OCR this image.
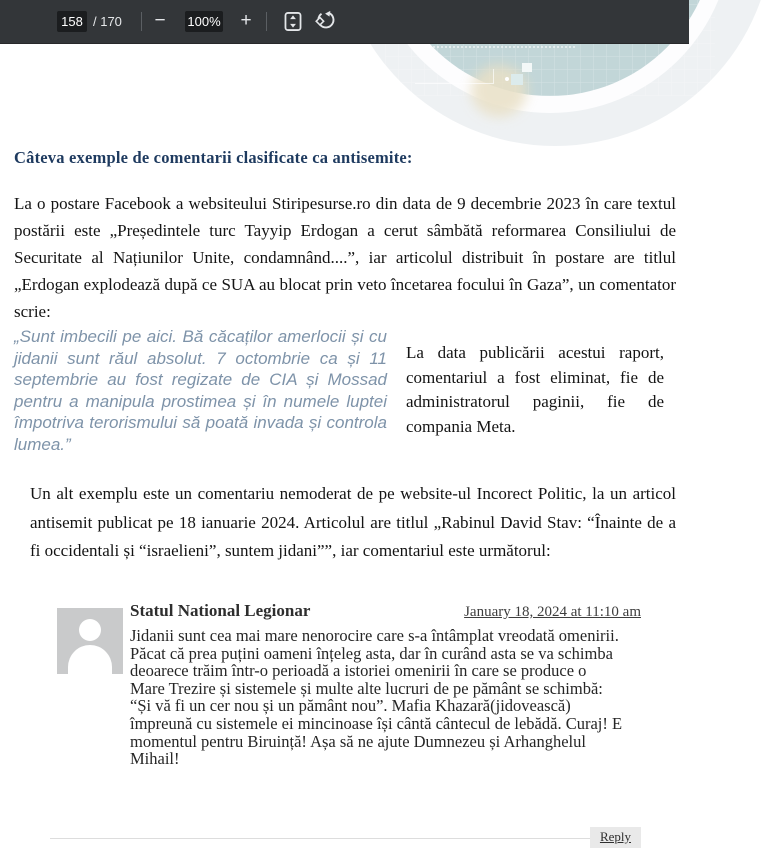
158 / 170	−	100%	+
Câteva exemple de comentarii clasificate ca antisemite:
La o postare Facebook a websiteului Stiripesurse.ro din data de 9 decembrie 2023 în care textul postării este „Președintele turc Tayyip Erdogan a cerut sâmbătă reformarea Consiliului de Securitate al Națiunilor Unite, condamnând....”, iar articolul distribuit în postare are titlul „Erdogan explodează după ce SUA au blocat prin veto încetarea focului în Gaza”, un comentator scrie:
„Sunt imbecili pe aici. Bă căcaților amerlocii și cu jidanii sunt răul absolut. 7 octombrie ca și 11 septembrie au fost regizate de CIA și Mossad pentru a manipula prostimea și în numele luptei împotriva terorismului să poată invada și controla lumea.”
La data publicării acestui raport, comentariul a fost eliminat, fie de administratorul paginii, fie de compania Meta.
Un alt exemplu este un comentariu nemoderat de pe website-ul Incorect Politic, la un articol antisemit publicat pe 18 ianuarie 2024. Articolul are titlul „Rabinul David Stav: “Înainte de a fi occidentali și “israelieni”, suntem jidani””, iar comentariul este următorul:
Statul National Legionar	January 18, 2024 at 11:10 am
Jidanii sunt cea mai mare nenorocire care s-a întâmplat vreodată omenirii. Păcat că prea puțini oameni înțeleg asta, dar în curând asta se va schimba deoarece trăim într-o perioadă a istoriei omenirii în care se produce o Mare Trezire și sistemele și multe alte lucruri de pe pământ se schimbă: “Și vă fi un cer nou și un pământ nou”. Mafia Khazară(jidovească) împreună cu sistemele ei mincinoase își cântă cântecul de lebădă. Curaj! E momentul pentru Biruință! Așa să ne ajute Dumnezeu și Arhanghelul Mihail!
Reply
